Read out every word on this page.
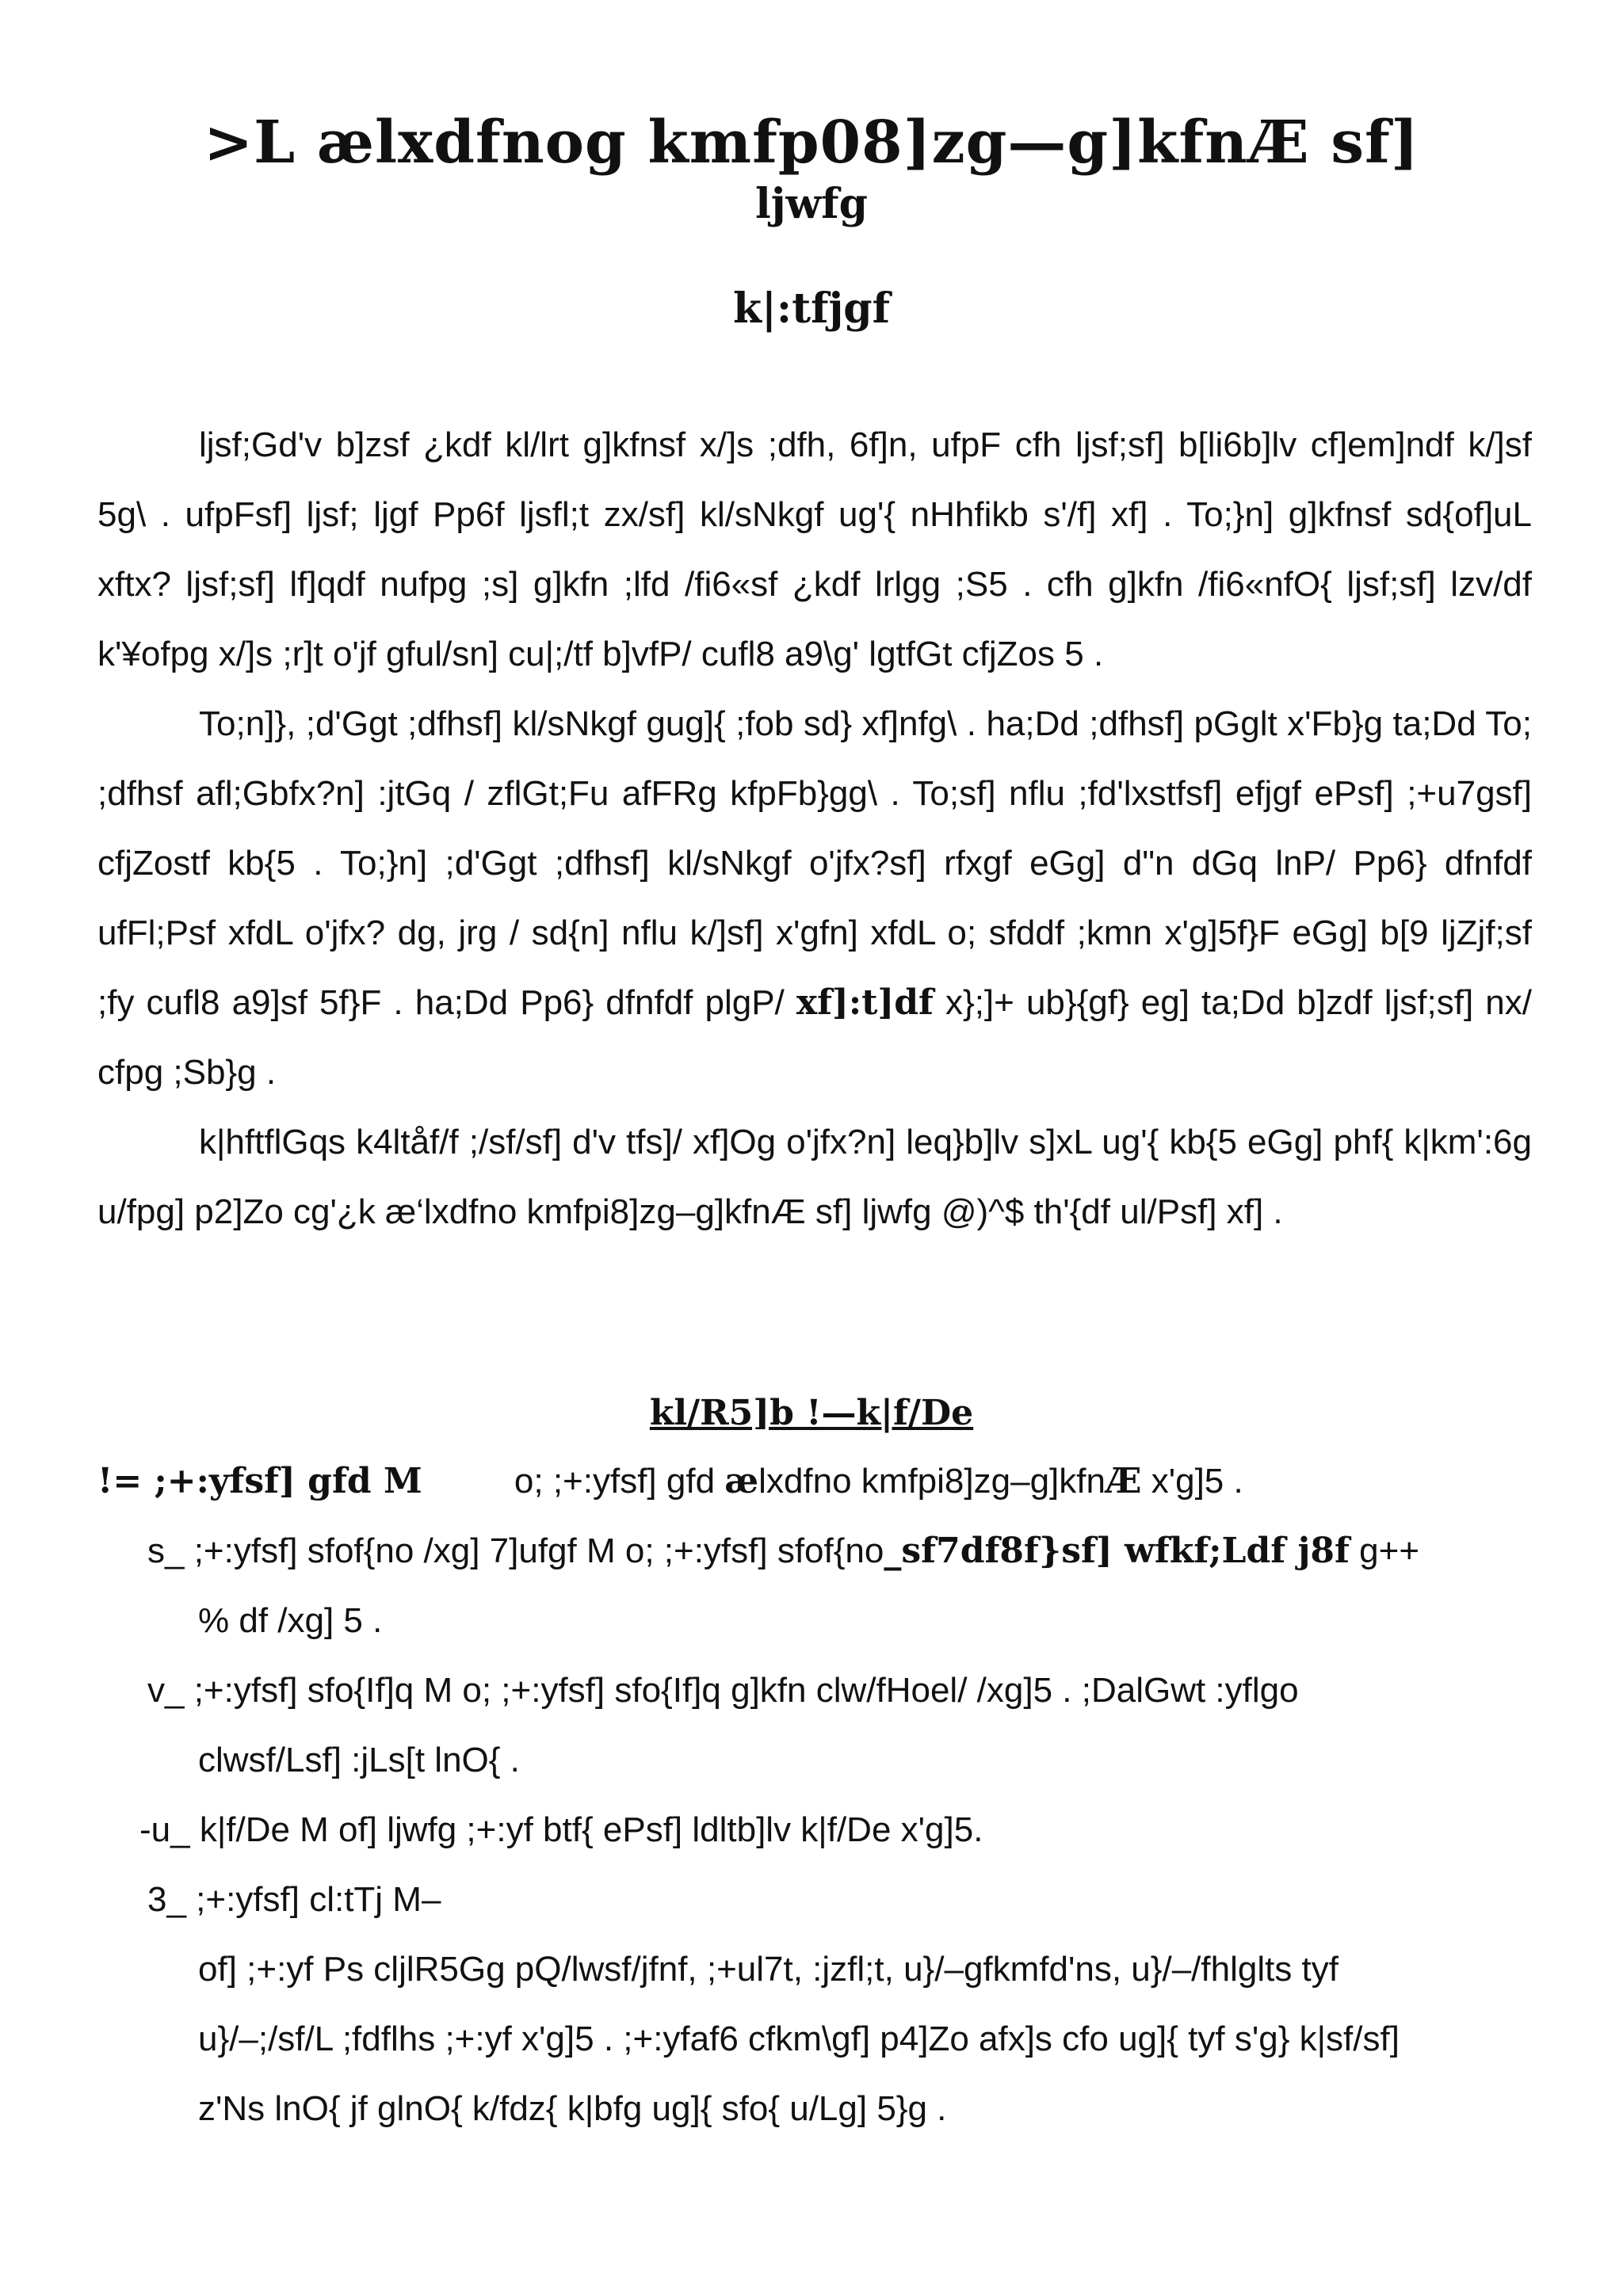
>L ælxdfnog kmfp08]zg—g]kfnÆ sf]
ljwfg
k|:tfjgf

ljsf;Gd'v b]zsf ¿kdf kl/lrt g]kfnsf x/]s ;dfh, 6f]n, ufpF cfh ljsf;sf] b[li6b]lv cf]em]ndf k/]sf 5g\ . ufpFsf] ljsf; ljgf Pp6f ljsfl;t zx/sf] kl/sNkgf ug'{ nHhfikb s'/f] xf] . To;}n] g]kfnsf sd{of]uL xftx? ljsf;sf] lf]qdf nufpg ;s] g]kfn ;lfd /fi6«sf ¿kdf lrlgg ;S5 . cfh g]kfn /fi6«nfO{ ljsf;sf] lzv/df k'¥ofpg x/]s ;r]t o'jf gful/sn] cu|;/tf b]vfP/ cufl8 a9\g' lgtfGt cfjZos 5 .

To;n]}, ;d'Ggt ;dfhsf] kl/sNkgf gug]{ ;fob sd} xf]nfg\ . ha;Dd ;dfhsf] pGglt x'Fb}g ta;Dd To; ;dfhsf afl;Gbfx?n] :jtGq / zflGt;Fu afFRg kfpFb}gg\ . To;sf] nflu ;fd'lxstfsf] efjgf ePsf] ;+u7gsf] cfjZostf kb{5 . To;}n] ;d'Ggt ;dfhsf] kl/sNkgf o'jfx?sf] rfxgf eGg] d"n dGq lnP/ Pp6} dfnfdf ufFl;Psf xfdL o'jfx? dg, jrg / sd{n] nflu k/]sf] x'gfn] xfdL o; sfddf ;kmn x'g]5f}F eGg] b[9 ljZjf;sf ;fy cufl8 a9]sf 5f}F . ha;Dd Pp6} dfnfdf plgP/ xf]:t]df x};]+ ub}{gf} eg] ta;Dd b]zdf ljsf;sf] nx/ cfpg ;Sb}g .

k|hftflGqs k4ltåf/f ;/sf/sf] d'v tfs]/ xf]Og o'jfx?n] leq}b]lv s]xL ug'{ kb{5 eGg] phf{ k|km':6g u/fpg] p2]Zo cg'¿k æ‘lxdfno kmfpi8]zg–g]kfnÆ sf] ljwfg @)^$ th'{df ul/Psf] xf] .

kl/R5]b !—k|f/De
!= ;+:yfsf] gfd M	o; ;+:yfsf] gfd ælxdfno kmfpi8]zg–g]kfnÆ x'g]5 .
s_ ;+:yfsf] sfof{no /xg] 7]ufgf M o; ;+:yfsf] sfof{no_sf7df8f}sf] wfkf;Ldf j8f g++
% df /xg] 5 .
v_ ;+:yfsf] sfo{If]q M o; ;+:yfsf] sfo{If]q g]kfn clw/fHoel/ /xg]5 . ;DalGwt :yflgo
clwsf/Lsf] :jLs[t lnO{ .
-u_ k|f/De M of] ljwfg ;+:yf btf{ ePsf] ldltb]lv k|f/De x'g]5.
3_ ;+:yfsf] cl:tTj M–
of] ;+:yf Ps cljlR5Gg pQ/lwsf/jfnf, ;+ul7t, :jzfl;t, u}/–gfkmfd'ns, u}/–/fhlglts tyf
u}/–;/sf/L ;fdflhs ;+:yf x'g]5 . ;+:yfaf6 cfkm\gf] p4]Zo afx]s cfo ug]{ tyf s'g} k|sf/sf]
z'Ns lnO{ jf glnO{ k/fdz{ k|bfg ug]{ sfo{ u/Lg] 5}g .
